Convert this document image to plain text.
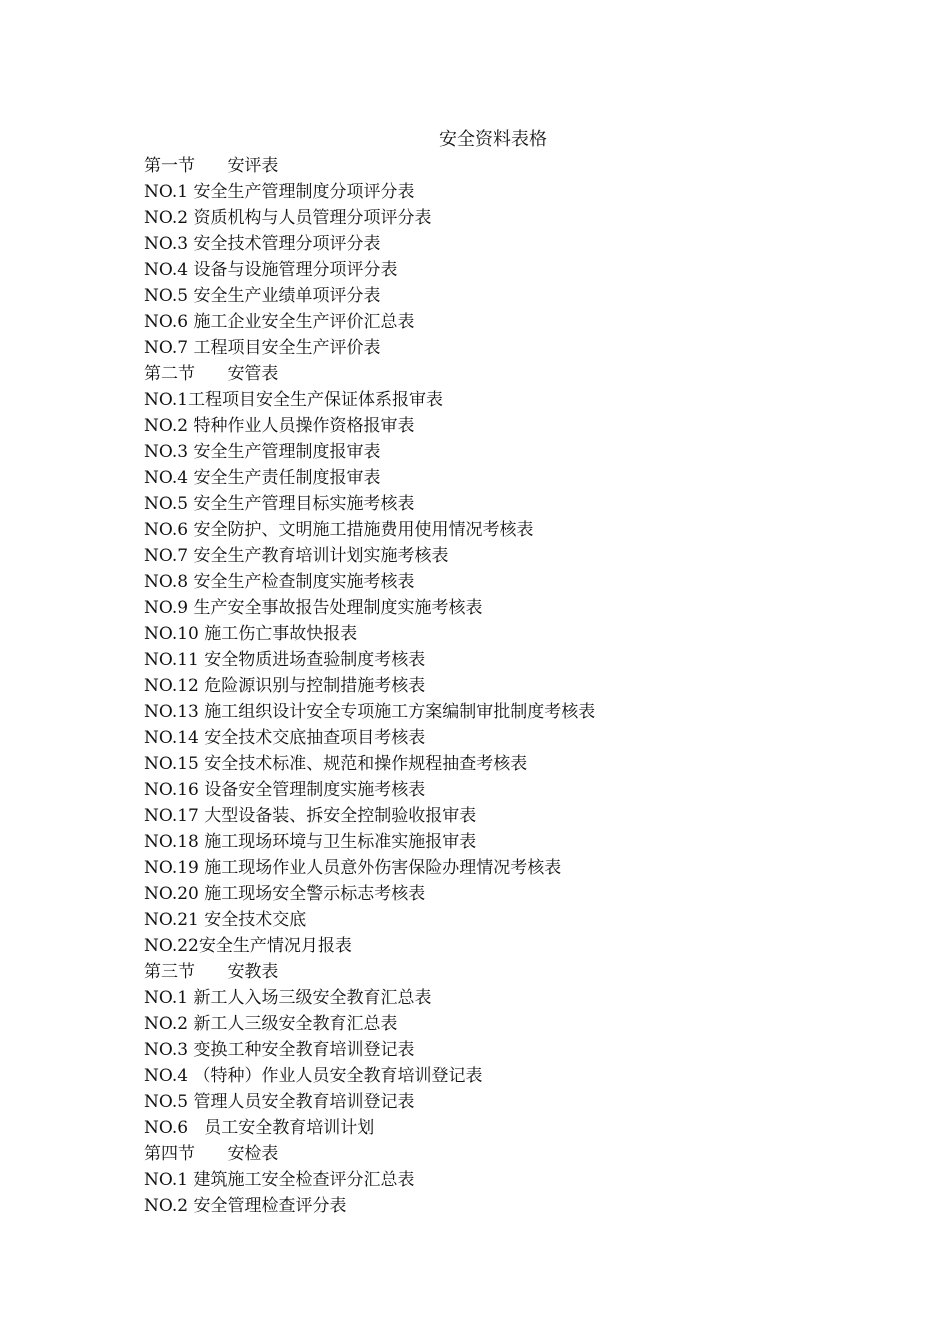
安全资料表格
第一节 安评表
NO.1 安全生产管理制度分项评分表
NO.2 资质机构与人员管理分项评分表
NO.3 安全技术管理分项评分表
NO.4 设备与设施管理分项评分表
NO.5 安全生产业绩单项评分表
NO.6 施工企业安全生产评价汇总表
NO.7 工程项目安全生产评价表
第二节 安管表
NO.1工程项目安全生产保证体系报审表
NO.2 特种作业人员操作资格报审表
NO.3 安全生产管理制度报审表
NO.4 安全生产责任制度报审表
NO.5 安全生产管理目标实施考核表
NO.6 安全防护、文明施工措施费用使用情况考核表
NO.7 安全生产教育培训计划实施考核表
NO.8 安全生产检查制度实施考核表
NO.9 生产安全事故报告处理制度实施考核表
NO.10 施工伤亡事故快报表
NO.11 安全物质进场查验制度考核表
NO.12 危险源识别与控制措施考核表
NO.13 施工组织设计安全专项施工方案编制审批制度考核表
NO.14 安全技术交底抽查项目考核表
NO.15 安全技术标准、规范和操作规程抽查考核表
NO.16 设备安全管理制度实施考核表
NO.17 大型设备装、拆安全控制验收报审表
NO.18 施工现场环境与卫生标准实施报审表
NO.19 施工现场作业人员意外伤害保险办理情况考核表
NO.20 施工现场安全警示标志考核表
NO.21 安全技术交底
NO.22安全生产情况月报表
第三节 安教表
NO.1 新工人入场三级安全教育汇总表
NO.2 新工人三级安全教育汇总表
NO.3 变换工种安全教育培训登记表
NO.4 （特种）作业人员安全教育培训登记表
NO.5 管理人员安全教育培训登记表
NO.6 员工安全教育培训计划
第四节 安检表
NO.1 建筑施工安全检查评分汇总表
NO.2 安全管理检查评分表
